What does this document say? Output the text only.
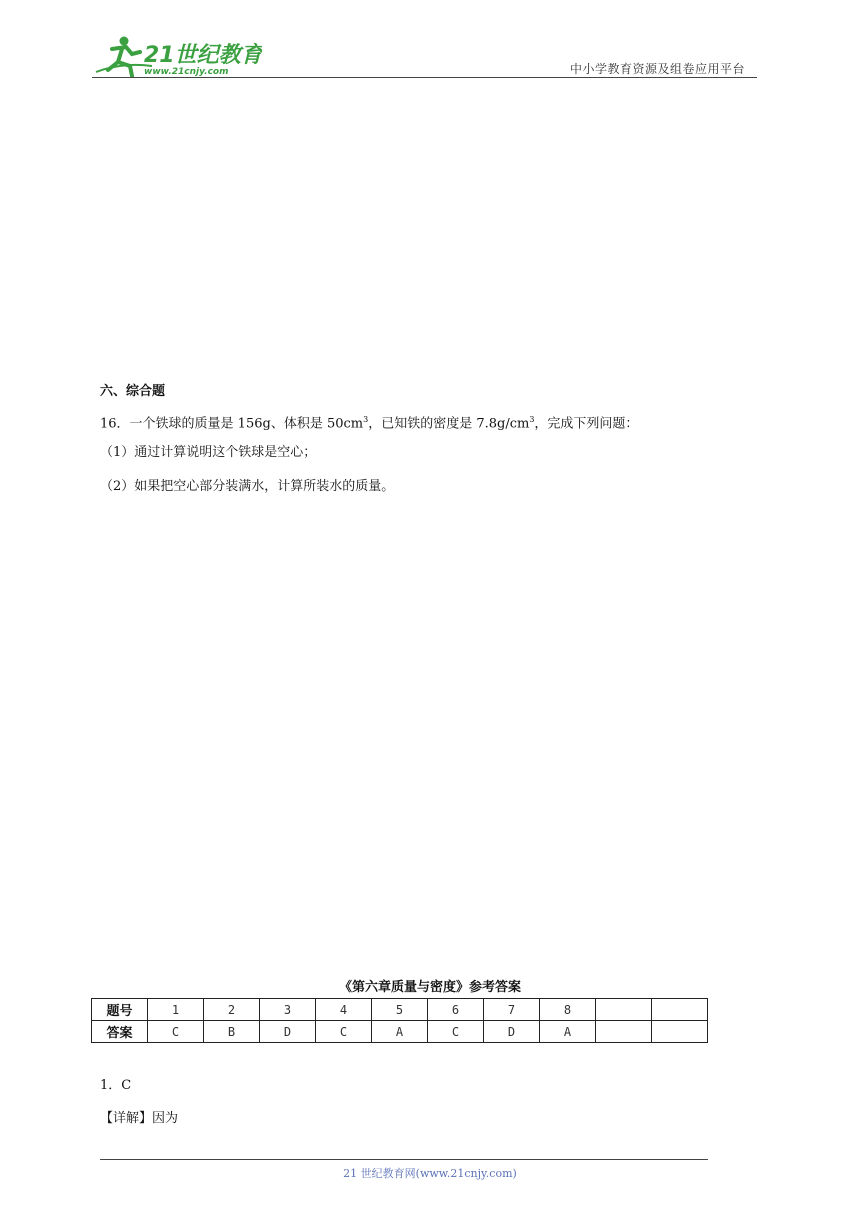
21世纪教育
www.21cnjy.com	中小学教育资源及组卷应用平台
六、综合题
16．一个铁球的质量是 156g、体积是 $50cm^3$，已知铁的密度是 $7.8g/cm^3$，完成下列问题：
（1）通过计算说明这个铁球是空心；
（2）如果把空心部分装满水，计算所装水的质量。
《第六章质量与密度》参考答案
题号	1	2	3	4	5	6	7	8		
答案	C	B	D	C	A	C	D	A		
1．C
【详解】因为
21 世纪教育网(www.21cnjy.com)
